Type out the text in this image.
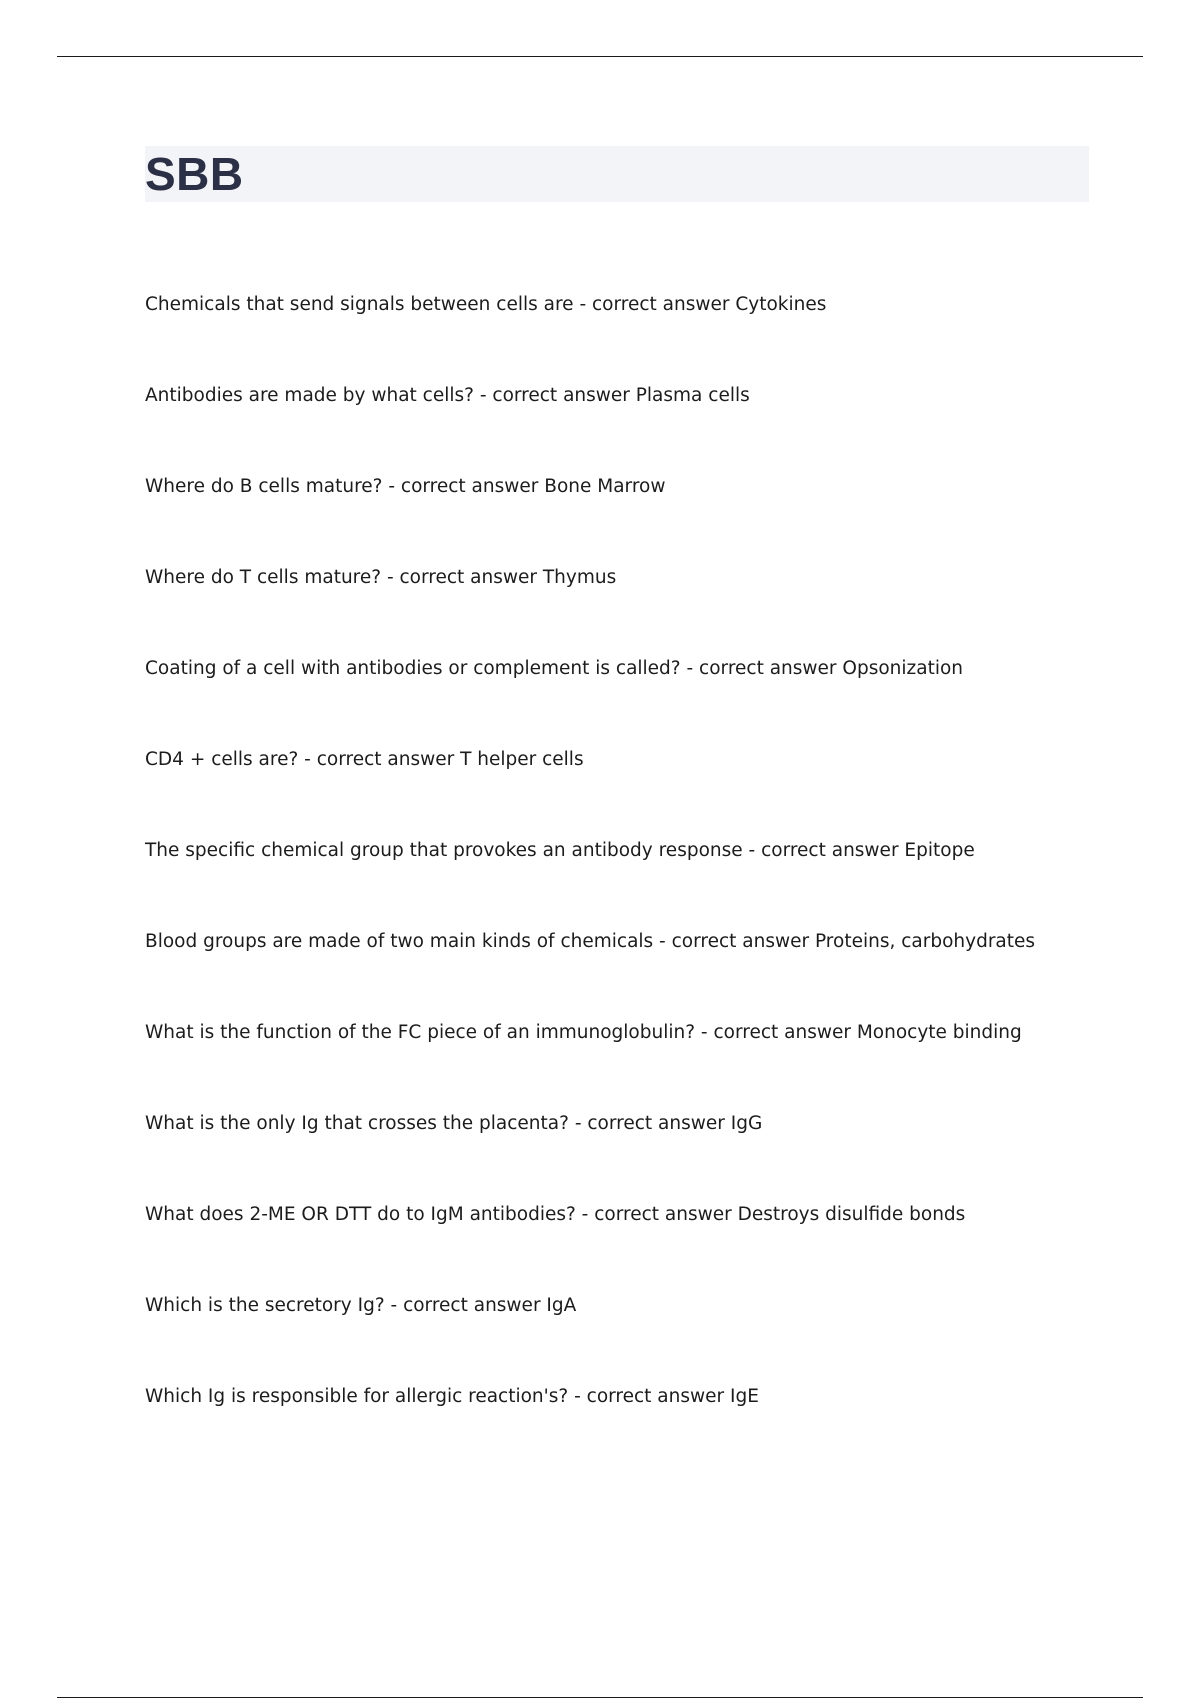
SBB
Chemicals that send signals between cells are - correct answer Cytokines
Antibodies are made by what cells? - correct answer Plasma cells
Where do B cells mature? - correct answer Bone Marrow
Where do T cells mature? - correct answer Thymus
Coating of a cell with antibodies or complement is called? - correct answer Opsonization
CD4 + cells are? - correct answer T helper cells
The specific chemical group that provokes an antibody response - correct answer Epitope
Blood groups are made of two main kinds of chemicals - correct answer Proteins, carbohydrates
What is the function of the FC piece of an immunoglobulin? - correct answer Monocyte binding
What is the only Ig that crosses the placenta? - correct answer IgG
What does 2-ME OR DTT do to IgM antibodies? - correct answer Destroys disulfide bonds
Which is the secretory Ig? - correct answer IgA
Which Ig is responsible for allergic reaction's? - correct answer IgE
